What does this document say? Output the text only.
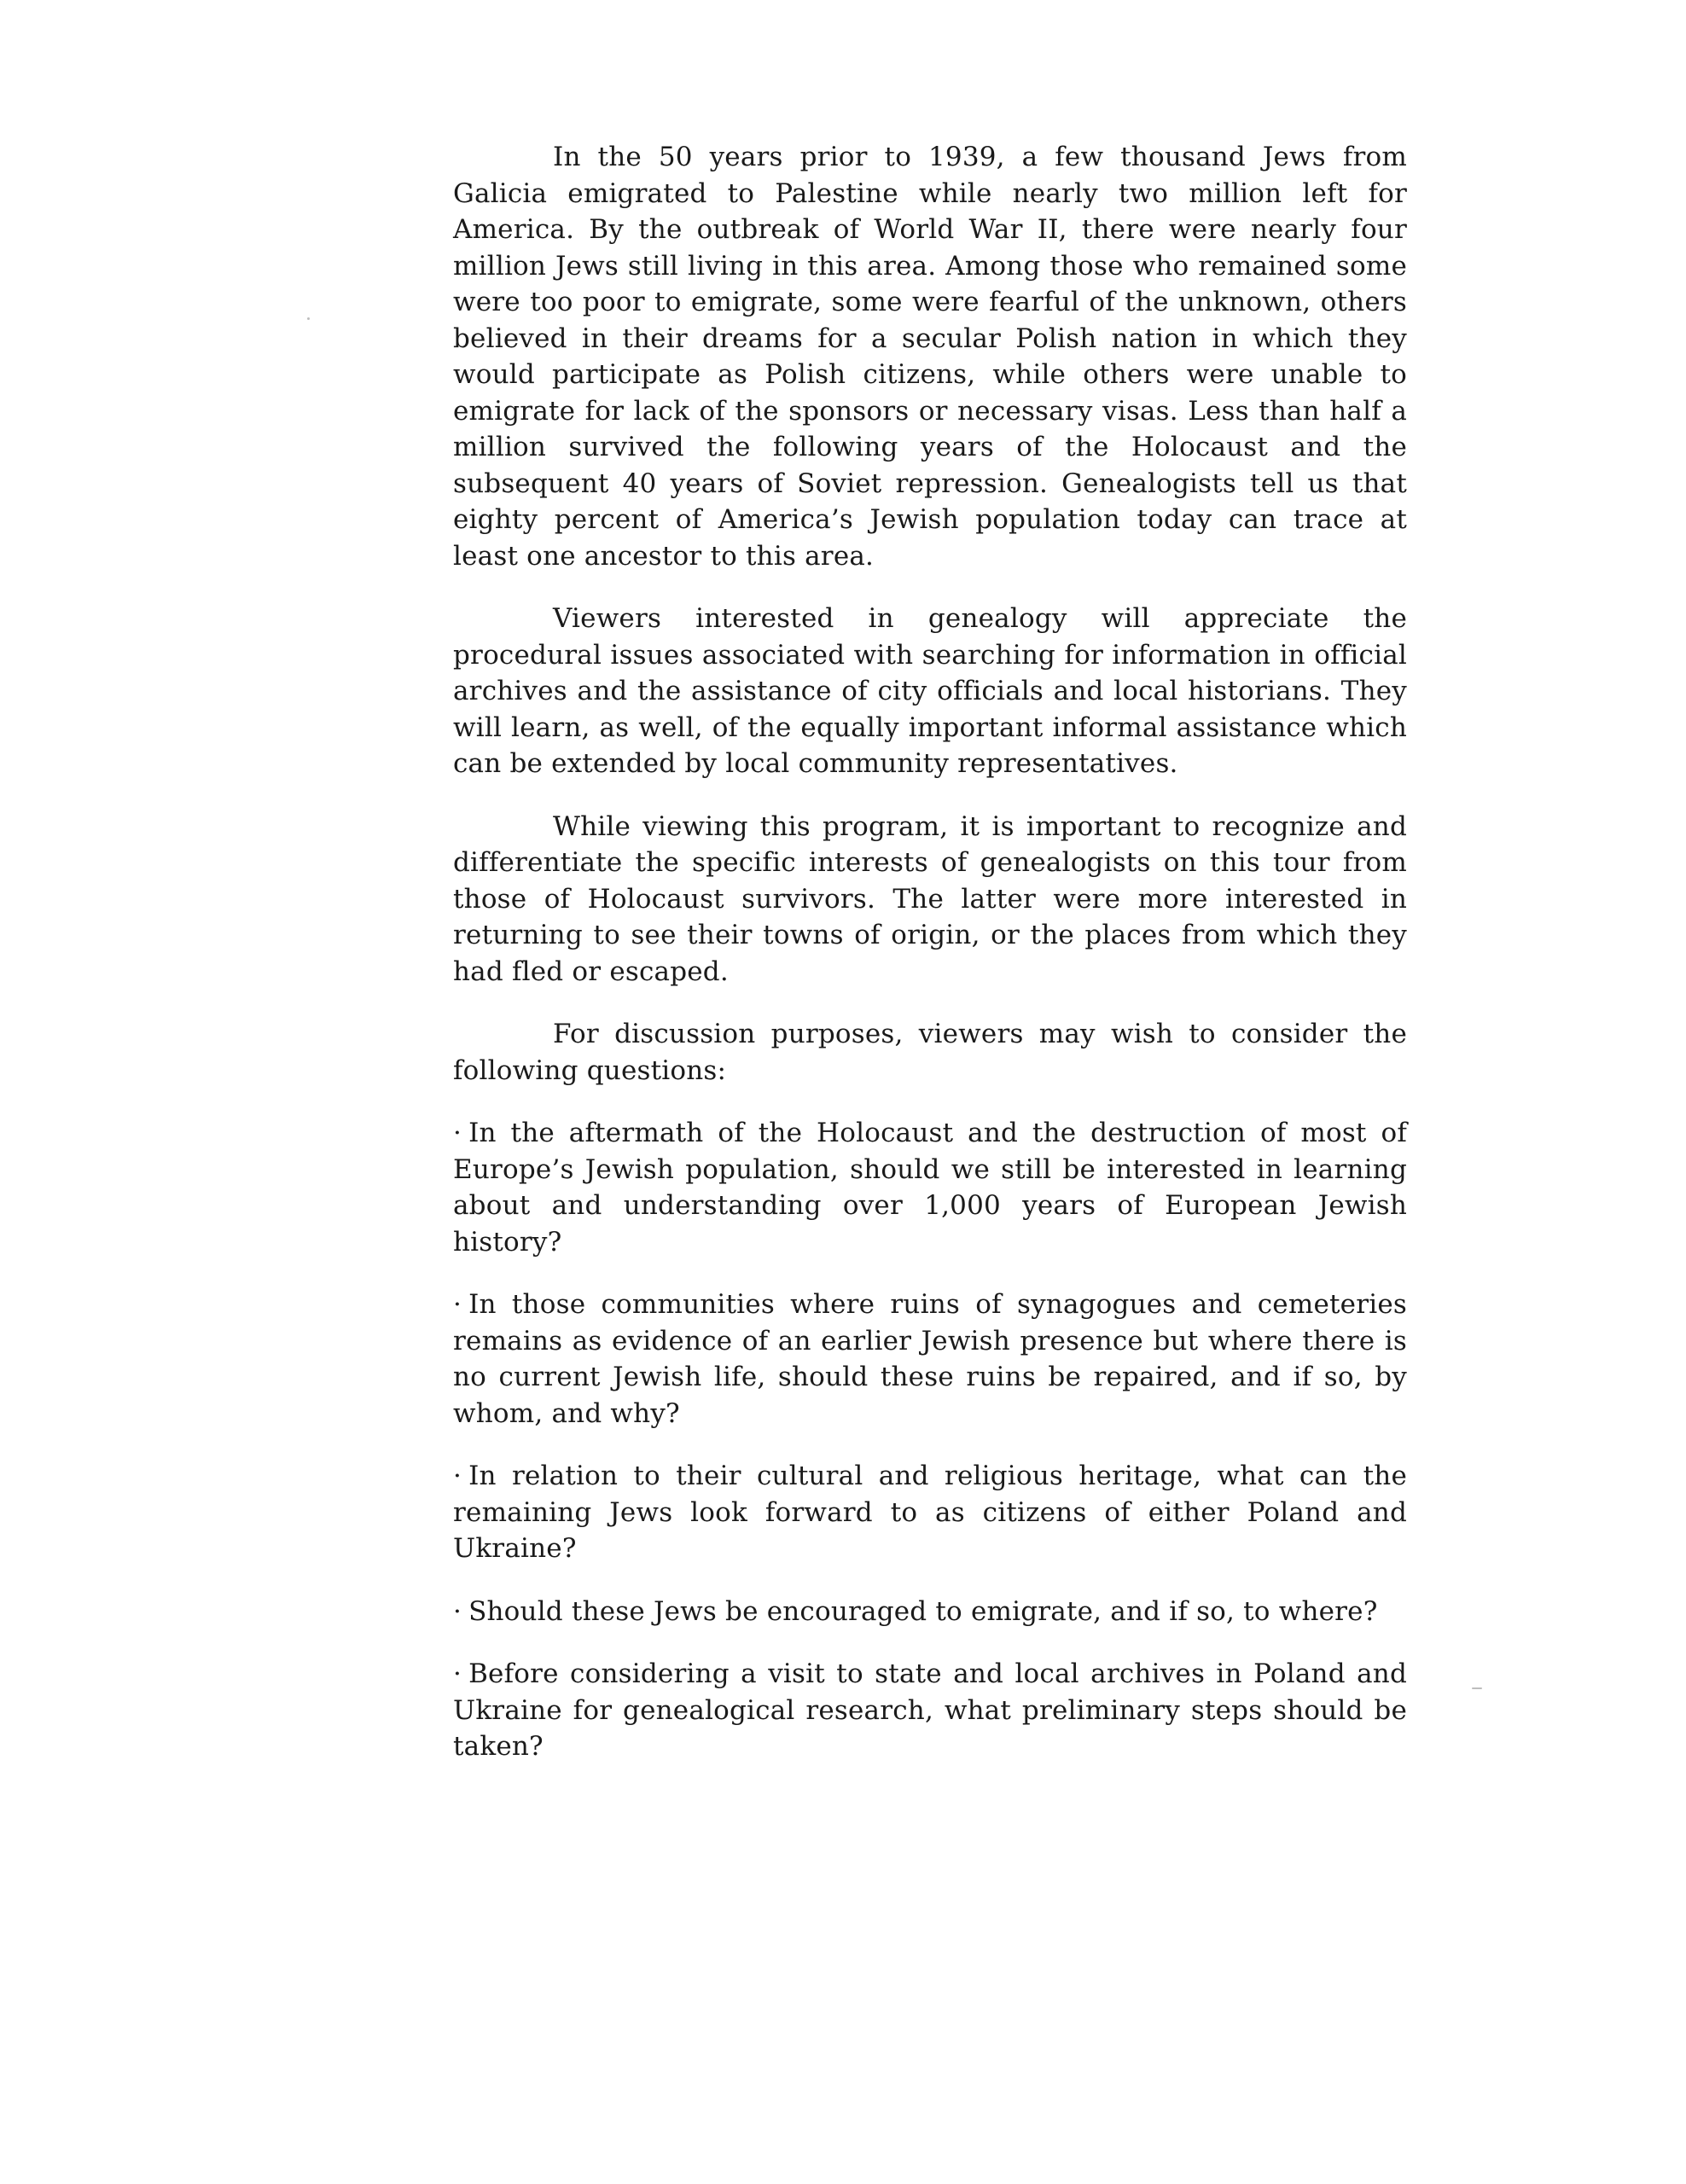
In the 50 years prior to 1939, a few thousand Jews from Galicia emigrated to Palestine while nearly two million left for America. By the outbreak of World War II, there were nearly four million Jews still living in this area. Among those who remained some were too poor to emigrate, some were fearful of the unknown, others believed in their dreams for a secular Polish nation in which they would participate as Polish citizens, while others were unable to emigrate for lack of the sponsors or necessary visas. Less than half a million survived the following years of the Holocaust and the subsequent 40 years of Soviet repression. Genealogists tell us that eighty percent of America’s Jewish population today can trace at least one ancestor to this area.

Viewers interested in genealogy will appreciate the procedural issues associated with searching for information in official archives and the assistance of city officials and local historians. They will learn, as well, of the equally important informal assistance which can be extended by local community representatives.

While viewing this program, it is important to recognize and differentiate the specific interests of genealogists on this tour from those of Holocaust survivors. The latter were more interested in returning to see their towns of origin, or the places from which they had fled or escaped.

For discussion purposes, viewers may wish to consider the following questions:

· In the aftermath of the Holocaust and the destruction of most of Europe’s Jewish population, should we still be interested in learning about and understanding over 1,000 years of European Jewish history?

· In those communities where ruins of synagogues and cemeteries remains as evidence of an earlier Jewish presence but where there is no current Jewish life, should these ruins be repaired, and if so, by whom, and why?

· In relation to their cultural and religious heritage, what can the remaining Jews look forward to as citizens of either Poland and Ukraine?

· Should these Jews be encouraged to emigrate, and if so, to where?

· Before considering a visit to state and local archives in Poland and Ukraine for genealogical research, what preliminary steps should be taken?
